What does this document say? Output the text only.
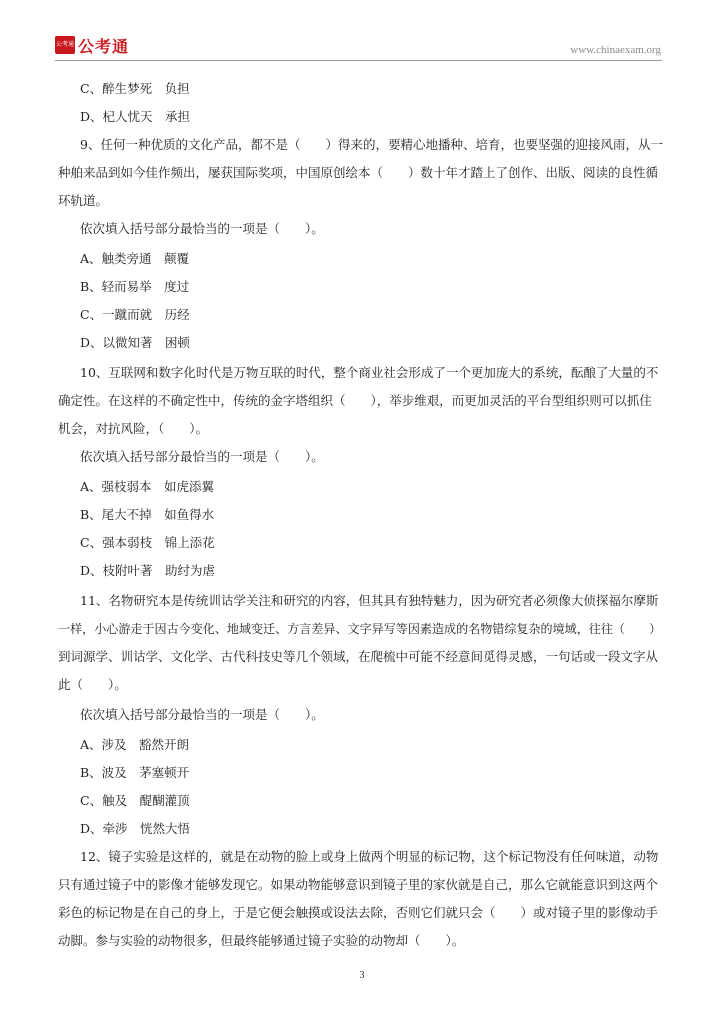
公考通 公考通	www.chinaexam.org
C、醉生梦死　负担
D、杞人忧天　承担
9、任何一种优质的文化产品，都不是（　　）得来的，要精心地播种、培育，也要坚强的迎接风雨，从一
种舶来品到如今佳作频出，屡获国际奖项，中国原创绘本（　　）数十年才踏上了创作、出版、阅读的良性循
环轨道。
依次填入括号部分最恰当的一项是（　　）。
A、触类旁通　颠覆
B、轻而易举　度过
C、一蹴而就　历经
D、以微知著　困顿
10、互联网和数字化时代是万物互联的时代，整个商业社会形成了一个更加庞大的系统，酝酿了大量的不
确定性。在这样的不确定性中，传统的金字塔组织（　　），举步维艰，而更加灵活的平台型组织则可以抓住
机会，对抗风险，（　　）。
依次填入括号部分最恰当的一项是（　　）。
A、强枝弱本　如虎添翼
B、尾大不掉　如鱼得水
C、强本弱枝　锦上添花
D、枝附叶著　助纣为虐
11、名物研究本是传统训诂学关注和研究的内容，但其具有独特魅力，因为研究者必须像大侦探福尔摩斯
一样，小心游走于因古今变化、地域变迁、方言差异、文字异写等因素造成的名物错综复杂的境域，往往（　　）
到词源学、训诂学、文化学、古代科技史等几个领域，在爬梳中可能不经意间觅得灵感，一句话或一段文字从
此（　　）。
依次填入括号部分最恰当的一项是（　　）。
A、涉及　豁然开朗
B、波及　茅塞顿开
C、触及　醍醐灌顶
D、牵涉　恍然大悟
12、镜子实验是这样的，就是在动物的脸上或身上做两个明显的标记物，这个标记物没有任何味道，动物
只有通过镜子中的影像才能够发现它。如果动物能够意识到镜子里的家伙就是自己，那么它就能意识到这两个
彩色的标记物是在自己的身上，于是它便会触摸或设法去除，否则它们就只会（　　）或对镜子里的影像动手
动脚。参与实验的动物很多，但最终能够通过镜子实验的动物却（　　）。
3
